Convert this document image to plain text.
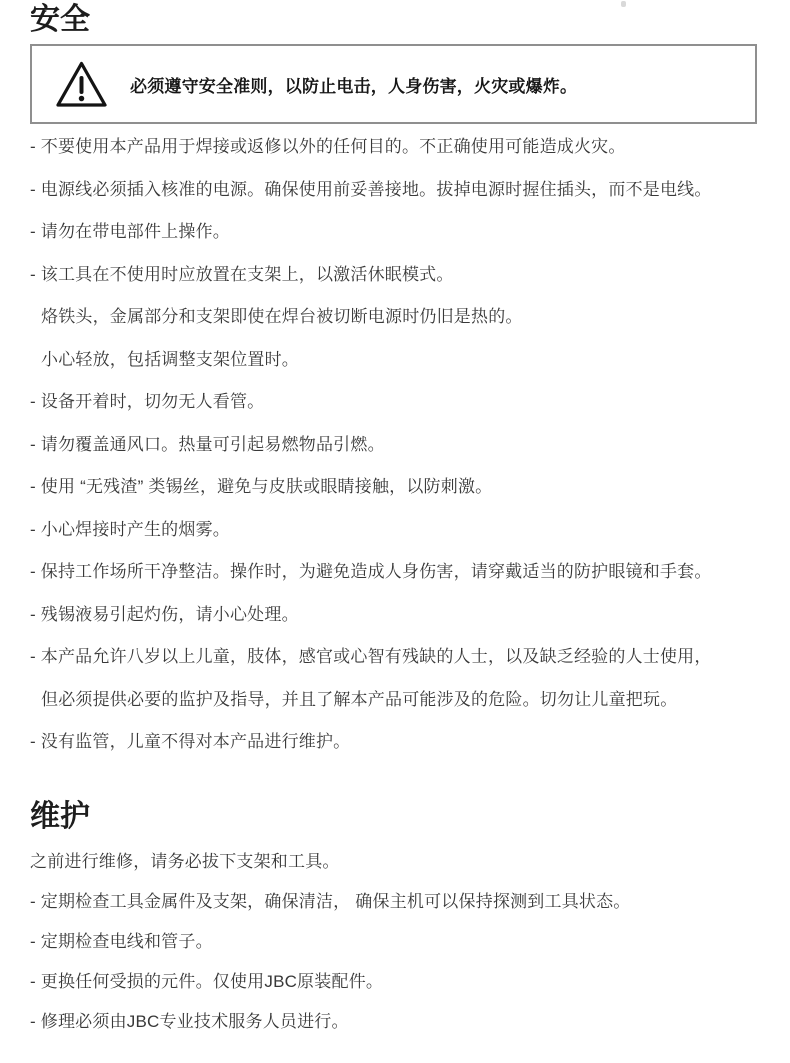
安全
必须遵守安全准则，以防止电击，人身伤害，火灾或爆炸。
- 不要使用本产品用于焊接或返修以外的任何目的。不正确使用可能造成火灾。
- 电源线必须插入核准的电源。确保使用前妥善接地。拔掉电源时握住插头，而不是电线。
- 请勿在带电部件上操作。
- 该工具在不使用时应放置在支架上，以激活休眠模式。
烙铁头，金属部分和支架即使在焊台被切断电源时仍旧是热的。
小心轻放，包括调整支架位置时。
- 设备开着时，切勿无人看管。
- 请勿覆盖通风口。热量可引起易燃物品引燃。
- 使用 “无残渣” 类锡丝，避免与皮肤或眼睛接触，以防刺激。
- 小心焊接时产生的烟雾。
- 保持工作场所干净整洁。操作时，为避免造成人身伤害，请穿戴适当的防护眼镜和手套。
- 残锡液易引起灼伤，请小心处理。
- 本产品允许八岁以上儿童，肢体，感官或心智有残缺的人士，以及缺乏经验的人士使用，
但必须提供必要的监护及指导，并且了解本产品可能涉及的危险。切勿让儿童把玩。
- 没有监管，儿童不得对本产品进行维护。
维护
之前进行维修，请务必拔下支架和工具。
- 定期检查工具金属件及支架，确保清洁， 确保主机可以保持探测到工具状态。
- 定期检查电线和管子。
- 更换任何受损的元件。仅使用JBC原装配件。
- 修理必须由JBC专业技术服务人员进行。
